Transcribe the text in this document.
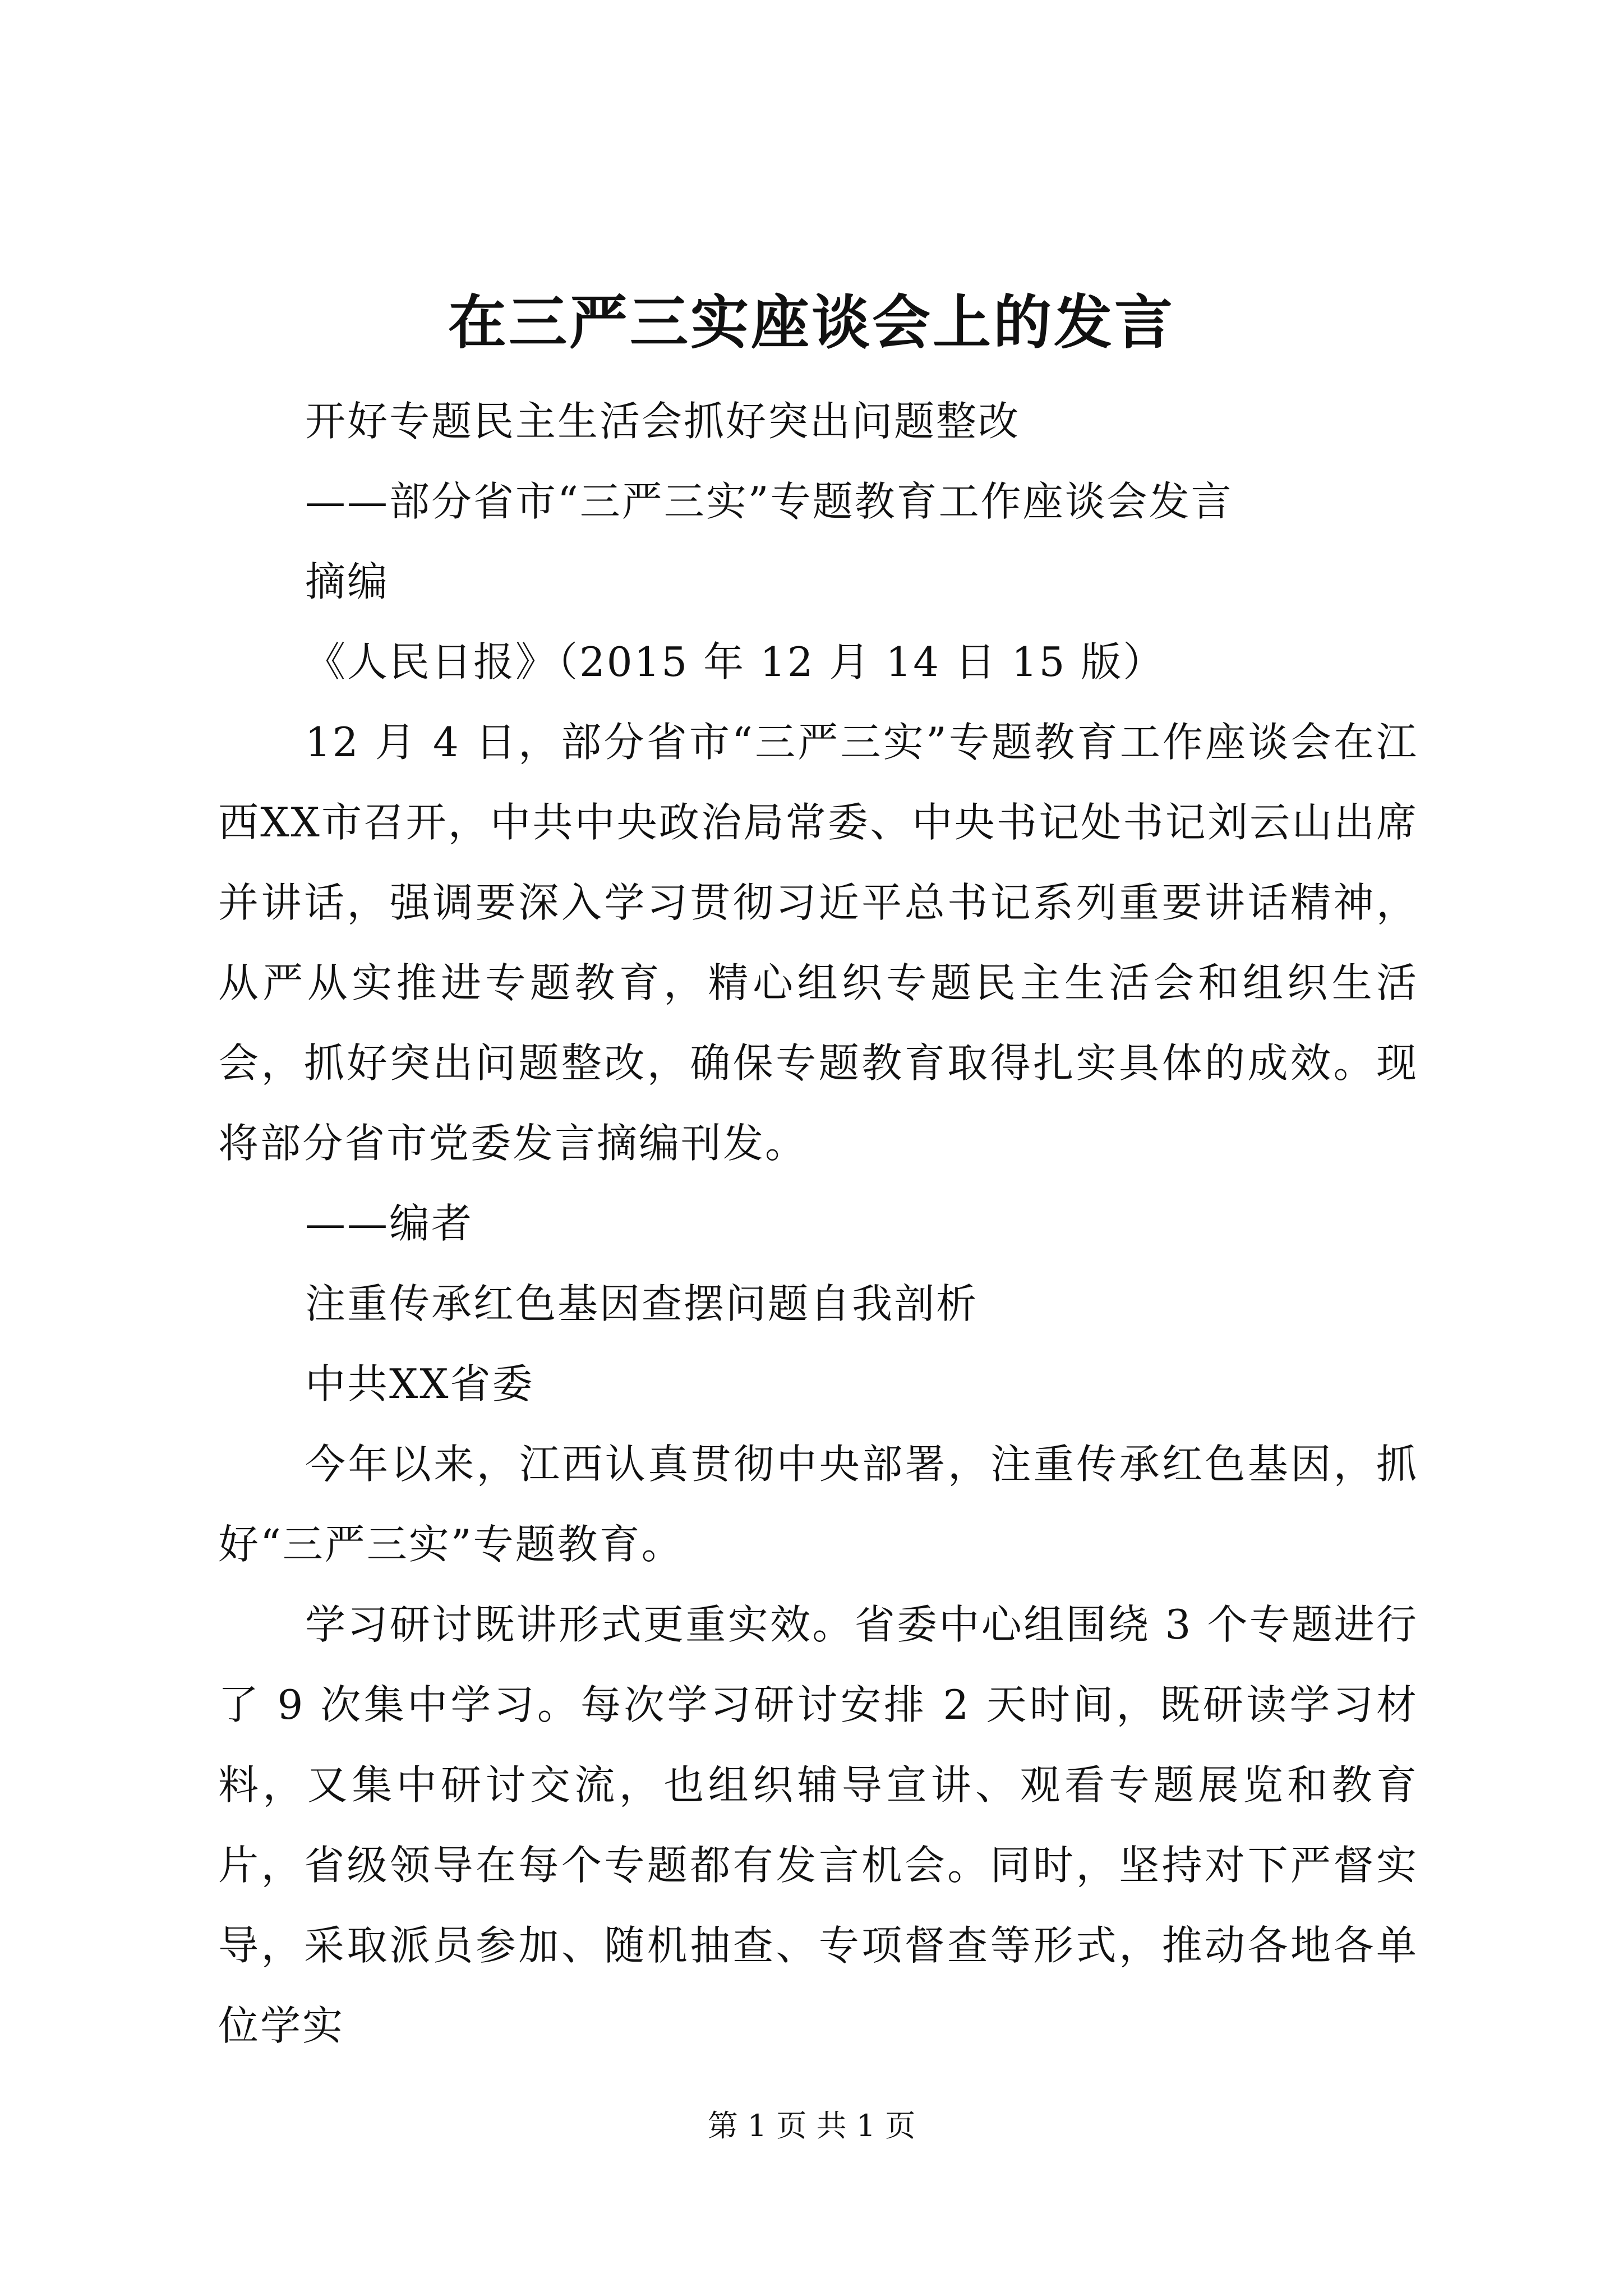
在三严三实座谈会上的发言

开好专题民主生活会抓好突出问题整改

——部分省市“三严三实”专题教育工作座谈会发言

摘编

《人民日报》（2015 年 12 月 14 日 15 版）

12 月 4 日，部分省市“三严三实”专题教育工作座谈会在江西XX市召开，中共中央政治局常委、中央书记处书记刘云山出席并讲话，强调要深入学习贯彻习近平总书记系列重要讲话精神，从严从实推进专题教育，精心组织专题民主生活会和组织生活会，抓好突出问题整改，确保专题教育取得扎实具体的成效。现将部分省市党委发言摘编刊发。

——编者

注重传承红色基因查摆问题自我剖析

中共XX省委

今年以来，江西认真贯彻中央部署，注重传承红色基因，抓好“三严三实”专题教育。

学习研讨既讲形式更重实效。省委中心组围绕 3 个专题进行了 9 次集中学习。每次学习研讨安排 2 天时间，既研读学习材料，又集中研讨交流，也组织辅导宣讲、观看专题展览和教育片，省级领导在每个专题都有发言机会。同时，坚持对下严督实导，采取派员参加、随机抽查、专项督查等形式，推动各地各单位学实

第 1 页 共 1 页
